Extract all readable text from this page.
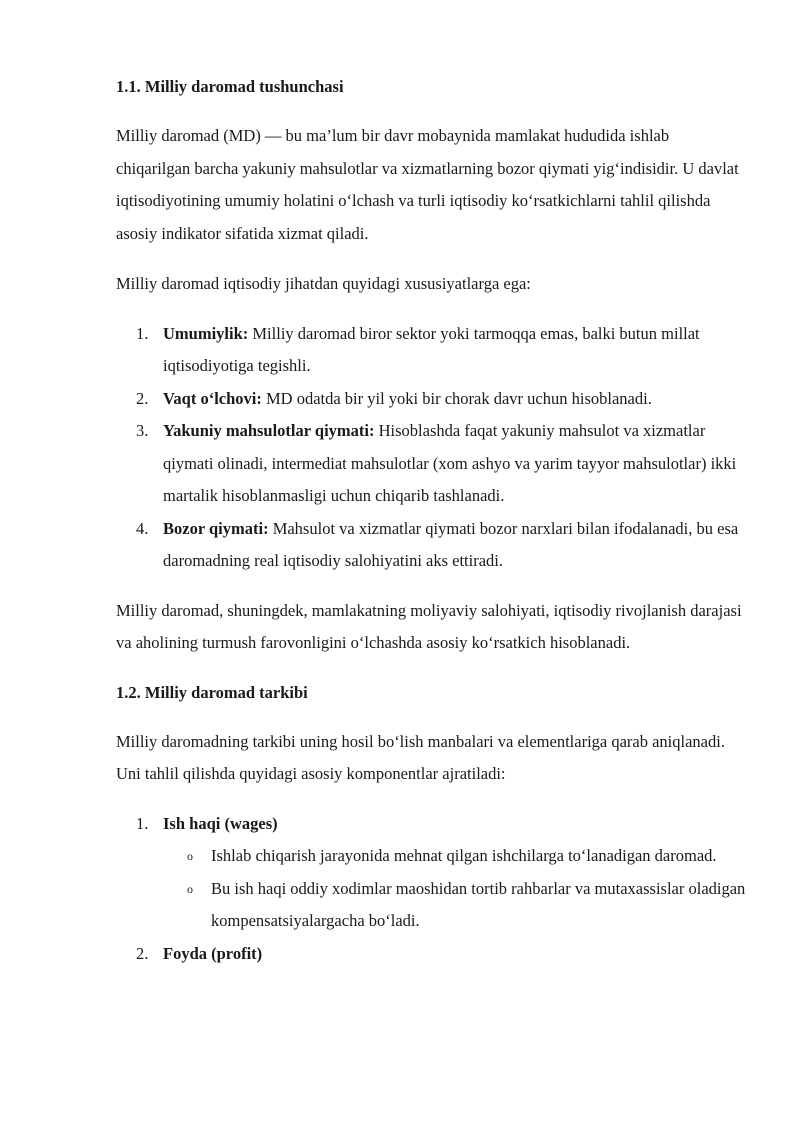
1.1. Milliy daromad tushunchasi

Milliy daromad (MD) — bu ma’lum bir davr mobaynida mamlakat hududida ishlab chiqarilgan barcha yakuniy mahsulotlar va xizmatlarning bozor qiymati yig‘indisidir. U davlat iqtisodiyotining umumiy holatini o‘lchash va turli iqtisodiy ko‘rsatkichlarni tahlil qilishda asosiy indikator sifatida xizmat qiladi.

Milliy daromad iqtisodiy jihatdan quyidagi xususiyatlarga ega:

1. Umumiylik: Milliy daromad biror sektor yoki tarmoqqa emas, balki butun millat iqtisodiyotiga tegishli.
2. Vaqt o‘lchovi: MD odatda bir yil yoki bir chorak davr uchun hisoblanadi.
3. Yakuniy mahsulotlar qiymati: Hisoblashda faqat yakuniy mahsulot va xizmatlar qiymati olinadi, intermediat mahsulotlar (xom ashyo va yarim tayyor mahsulotlar) ikki martalik hisoblanmasligi uchun chiqarib tashlanadi.
4. Bozor qiymati: Mahsulot va xizmatlar qiymati bozor narxlari bilan ifodalanadi, bu esa daromadning real iqtisodiy salohiyatini aks ettiradi.

Milliy daromad, shuningdek, mamlakatning moliyaviy salohiyati, iqtisodiy rivojlanish darajasi va aholining turmush farovonligini o‘lchashda asosiy ko‘rsatkich hisoblanadi.

1.2. Milliy daromad tarkibi

Milliy daromadning tarkibi uning hosil bo‘lish manbalari va elementlariga qarab aniqlanadi. Uni tahlil qilishda quyidagi asosiy komponentlar ajratiladi:

1. Ish haqi (wages)
o Ishlab chiqarish jarayonida mehnat qilgan ishchilarga to‘lanadigan daromad.
o Bu ish haqi oddiy xodimlar maoshidan tortib rahbarlar va mutaxassislar oladigan kompensatsiyalargacha bo‘ladi.
2. Foyda (profit)
